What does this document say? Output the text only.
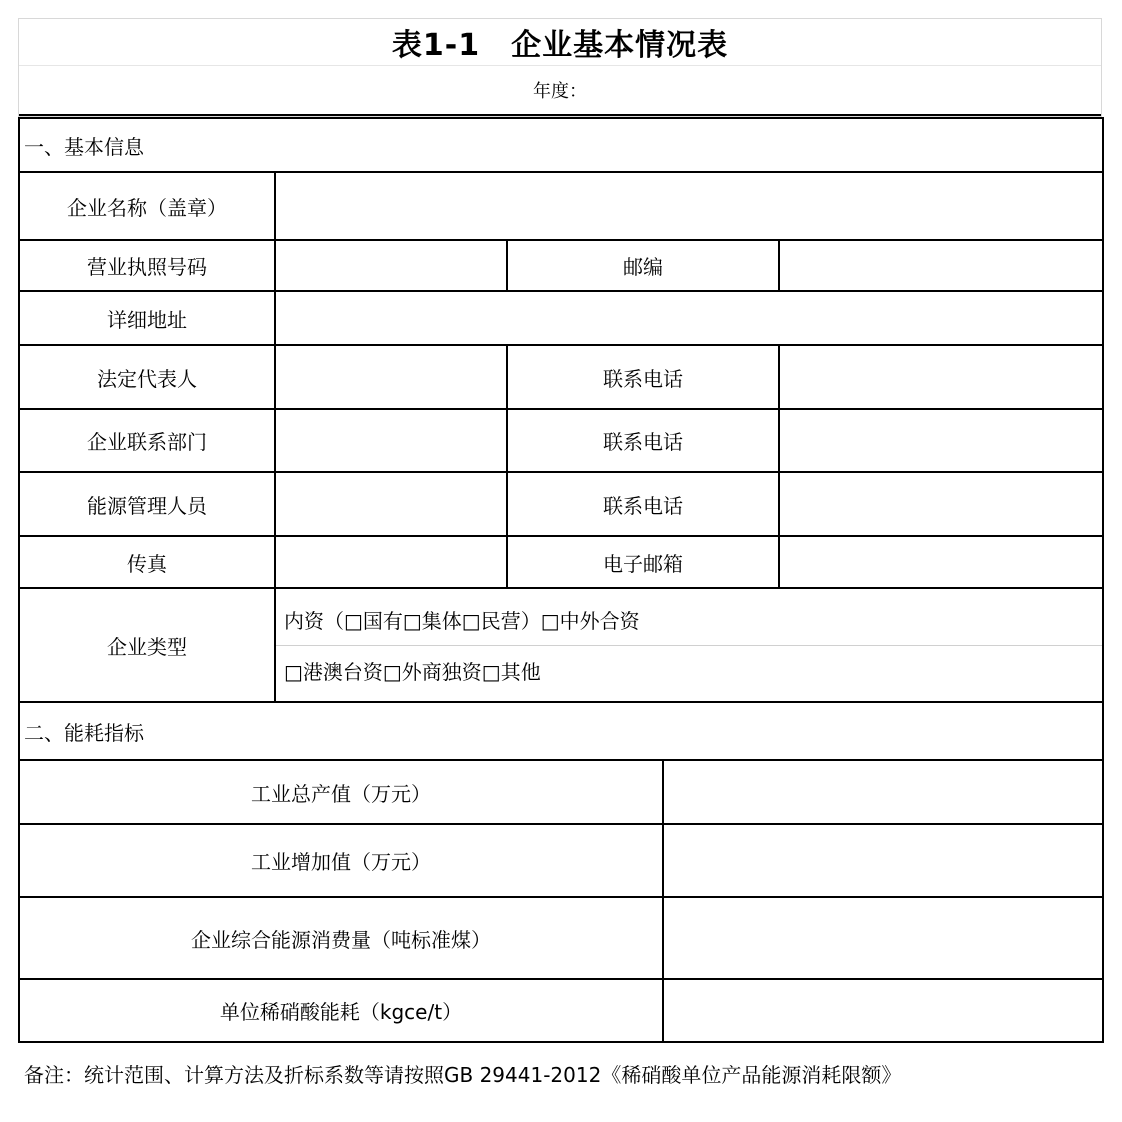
表1-1　企业基本情况表
年度：
一、基本信息				
企业名称（盖章）				
营业执照号码		邮编		
详细地址				
法定代表人		联系电话		
企业联系部门		联系电话		
能源管理人员		联系电话		
传真		电子邮箱		
企业类型	内资（□国有□集体□民营）□中外合资
□港澳台资□外商独资□其他			

二、能耗指标				
工业总产值（万元）				
工业增加值（万元）				
企业综合能源消费量（吨标准煤）				
单位稀硝酸能耗（kgce/t）				
备注：统计范围、计算方法及折标系数等请按照GB 29441-2012《稀硝酸单位产品能源消耗限额》
